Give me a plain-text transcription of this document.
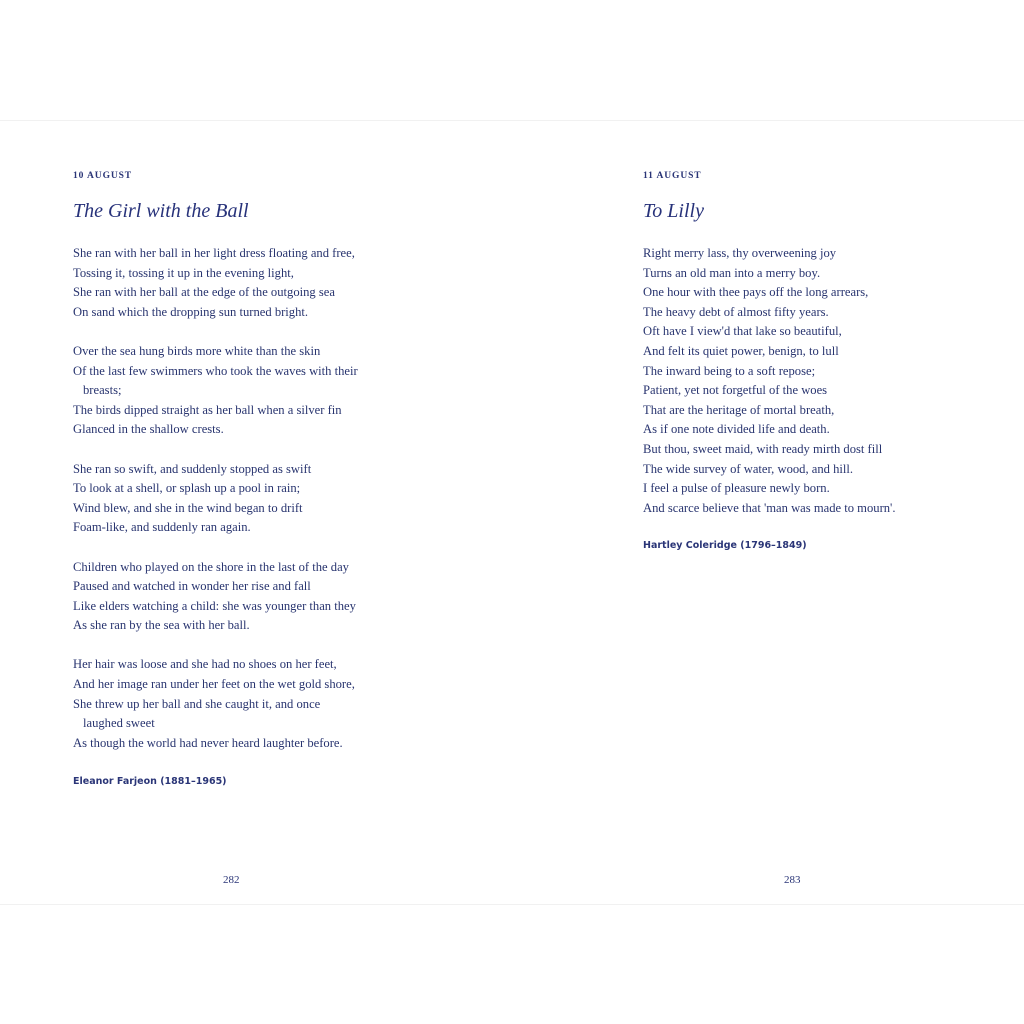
10 AUGUST

The Girl with the Ball
She ran with her ball in her light dress floating and free,
Tossing it, tossing it up in the evening light,
She ran with her ball at the edge of the outgoing sea
On sand which the dropping sun turned bright.
Over the sea hung birds more white than the skin
Of the last few swimmers who took the waves with their
breasts;
The birds dipped straight as her ball when a silver fin
Glanced in the shallow crests.
She ran so swift, and suddenly stopped as swift
To look at a shell, or splash up a pool in rain;
Wind blew, and she in the wind began to drift
Foam-like, and suddenly ran again.
Children who played on the shore in the last of the day
Paused and watched in wonder her rise and fall
Like elders watching a child: she was younger than they
As she ran by the sea with her ball.
Her hair was loose and she had no shoes on her feet,
And her image ran under her feet on the wet gold shore,
She threw up her ball and she caught it, and once
laughed sweet
As though the world had never heard laughter before.

Eleanor Farjeon (1881–1965)

282

11 AUGUST

To Lilly
Right merry lass, thy overweening joy
Turns an old man into a merry boy.
One hour with thee pays off the long arrears,
The heavy debt of almost fifty years.
Oft have I view'd that lake so beautiful,
And felt its quiet power, benign, to lull
The inward being to a soft repose;
Patient, yet not forgetful of the woes
That are the heritage of mortal breath,
As if one note divided life and death.
But thou, sweet maid, with ready mirth dost fill
The wide survey of water, wood, and hill.
I feel a pulse of pleasure newly born.
And scarce believe that 'man was made to mourn'.

Hartley Coleridge (1796–1849)

283
